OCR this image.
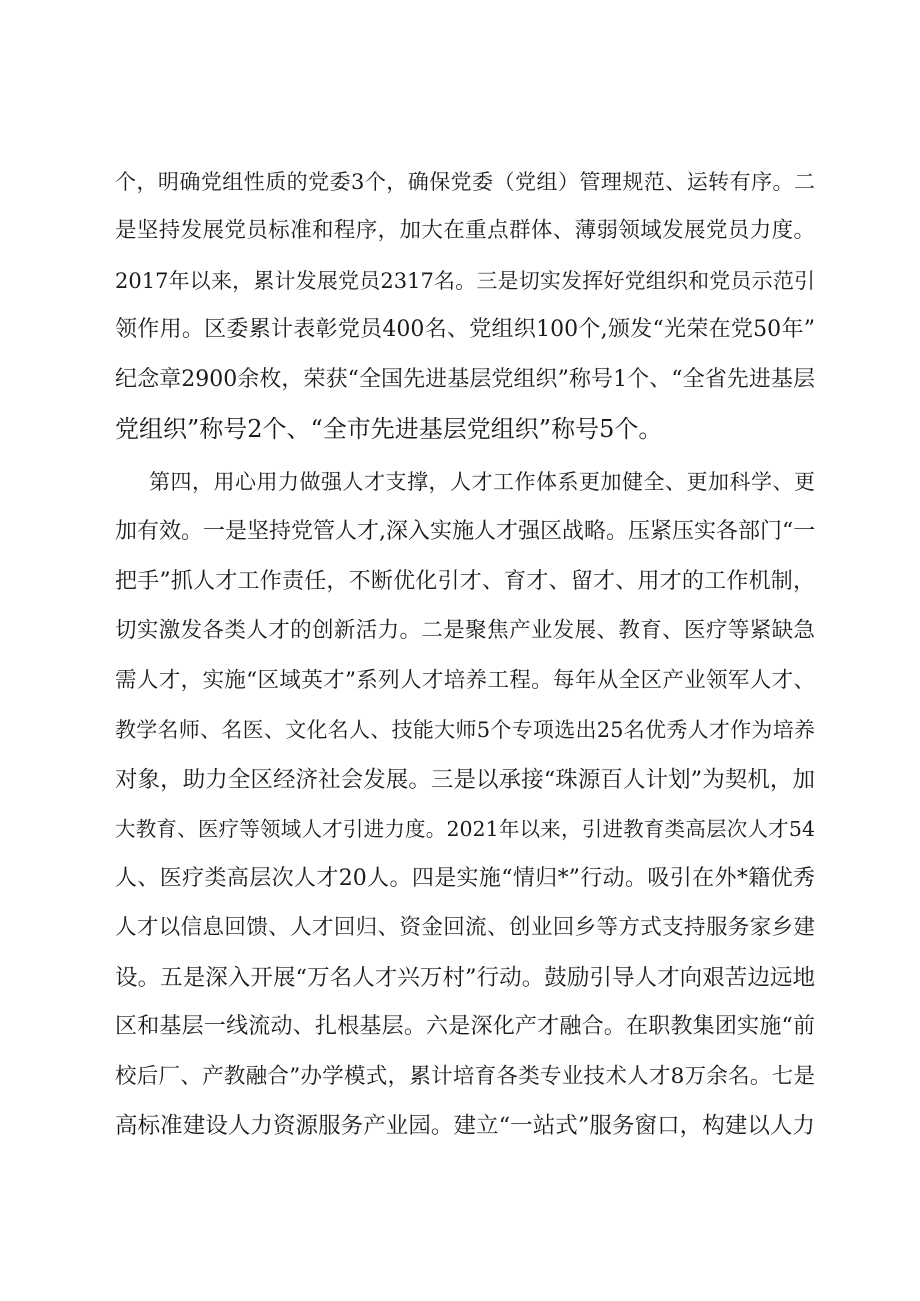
个，明确党组性质的党委3个，确保党委（党组）管理规范、运转有序。二
是坚持发展党员标准和程序，加大在重点群体、薄弱领域发展党员力度。
2017年以来，累计发展党员2317名。三是切实发挥好党组织和党员示范引
领作用。区委累计表彰党员400名、党组织100个,颁发“光荣在党50年”
纪念章2900余枚，荣获“全国先进基层党组织”称号1个、“全省先进基层
党组织”称号2个、“全市先进基层党组织”称号5个。
第四，用心用力做强人才支撑，人才工作体系更加健全、更加科学、更
加有效。一是坚持党管人才,深入实施人才强区战略。压紧压实各部门“一
把手”抓人才工作责任，不断优化引才、育才、留才、用才的工作机制，
切实激发各类人才的创新活力。二是聚焦产业发展、教育、医疗等紧缺急
需人才，实施“区域英才”系列人才培养工程。每年从全区产业领军人才、
教学名师、名医、文化名人、技能大师5个专项选出25名优秀人才作为培养
对象，助力全区经济社会发展。三是以承接“珠源百人计划”为契机，加
大教育、医疗等领域人才引进力度。2021年以来，引进教育类高层次人才54
人、医疗类高层次人才20人。四是实施“情归*”行动。吸引在外*籍优秀
人才以信息回馈、人才回归、资金回流、创业回乡等方式支持服务家乡建
设。五是深入开展“万名人才兴万村”行动。鼓励引导人才向艰苦边远地
区和基层一线流动、扎根基层。六是深化产才融合。在职教集团实施“前
校后厂、产教融合”办学模式，累计培育各类专业技术人才8万余名。七是
高标准建设人力资源服务产业园。建立“一站式”服务窗口，构建以人力
